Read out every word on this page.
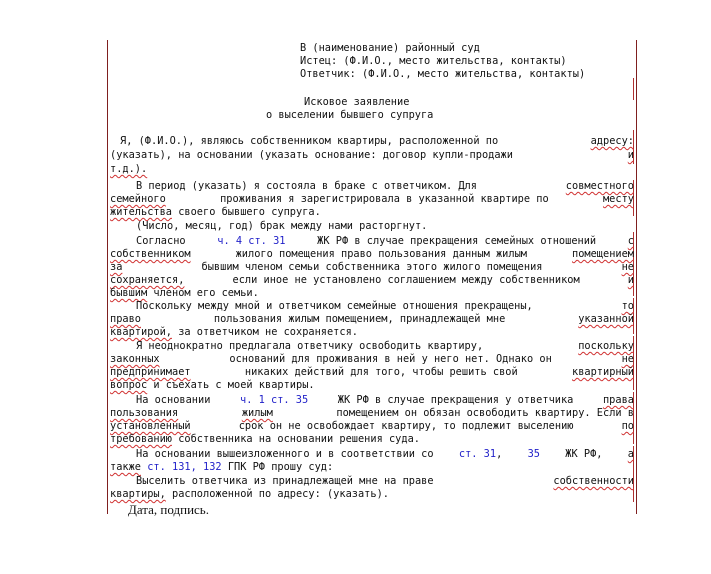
В (наименование) районный суд
Истец: (Ф.И.О., место жительства, контакты)
Ответчик: (Ф.И.О., место жительства, контакты)
Исковое заявление
о выселении бывшего супруга
Я, (Ф.И.О.), являюсь собственником квартиры, расположенной по	адресу:
(указать), на основании (указать основание: договор купли-продажи	и
т.д.).
В период (указать) я состояла в браке с ответчиком. Для	совместного
семейного	проживания я зарегистрировала в указанной квартире по	месту
жительства своего бывшего супруга.
(Число, месяц, год) брак между нами расторгнут.
Согласно	ч. 4 ст. 31	ЖК РФ в случае прекращения семейных отношений	с
собственником	жилого помещения право пользования данным жилым	помещением
за	бывшим членом семьи собственника этого жилого помещения	не
сохраняется,	если иное не установлено соглашением между собственником	и
бывшим членом его семьи.
Поскольку между мной и ответчиком семейные отношения прекращены,	то
право	пользования жилым помещением, принадлежащей мне	указанной
квартирой, за ответчиком не сохраняется.
Я неоднократно предлагала ответчику освободить квартиру,	поскольку
законных	оснований для проживания в ней у него нет. Однако он	не
предпринимает	никаких действий для того, чтобы решить свой	квартирный
вопрос и съехать с моей квартиры.
На основании	ч. 1 ст. 35	ЖК РФ в случае прекращения у ответчика	права
пользования	жилым	помещением он обязан освободить квартиру. Если в
установленный	срок он не освобождает квартиру, то подлежит выселению	по
требованию собственника на основании решения суда.
На основании вышеизложенного и в соответствии со ст. 31, 35 ЖК РФ, а
также ст. 131, 132 ГПК РФ прошу суд:
Выселить ответчика из принадлежащей мне на праве	собственности
квартиры, расположенной по адресу: (указать).
Дата, подпись.
